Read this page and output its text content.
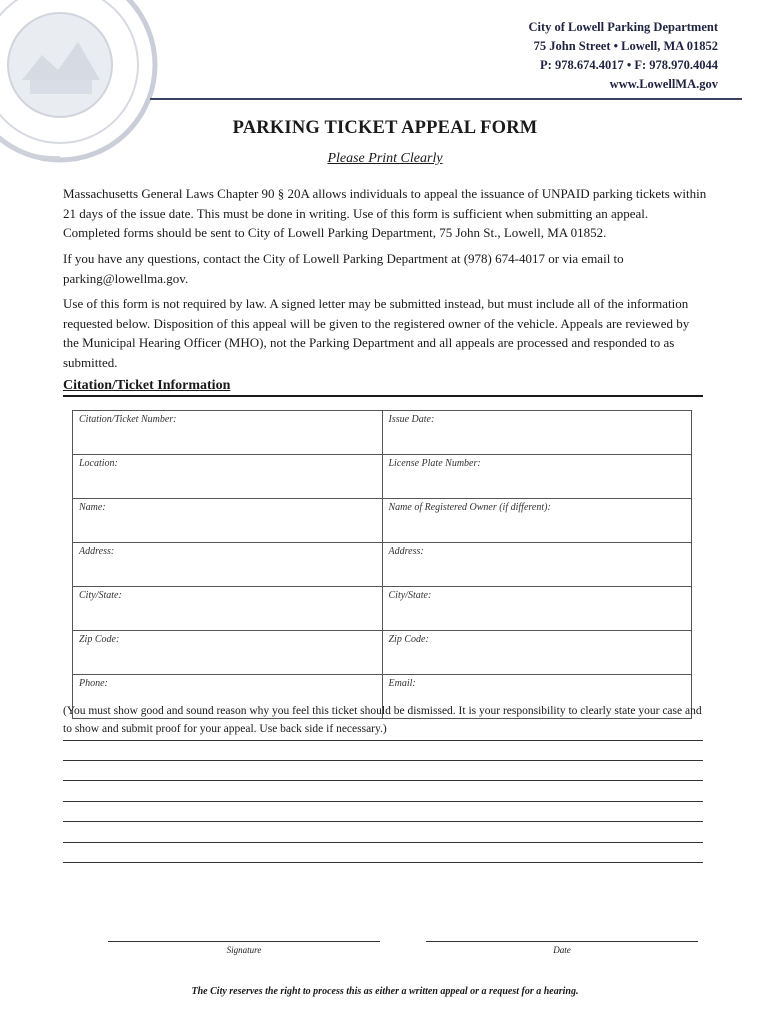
City of Lowell Parking Department
75 John Street • Lowell, MA 01852
P: 978.674.4017 • F: 978.970.4044
www.LowellMA.gov
PARKING TICKET APPEAL FORM
Please Print Clearly

Massachusetts General Laws Chapter 90 § 20A allows individuals to appeal the issuance of UNPAID parking tickets within 21 days of the issue date. This must be done in writing. Use of this form is sufficient when submitting an appeal. Completed forms should be sent to City of Lowell Parking Department, 75 John St., Lowell, MA 01852.

If you have any questions, contact the City of Lowell Parking Department at (978) 674-4017 or via email to parking@lowellma.gov.

Use of this form is not required by law. A signed letter may be submitted instead, but must include all of the information requested below. Disposition of this appeal will be given to the registered owner of the vehicle. Appeals are reviewed by the Municipal Hearing Officer (MHO), not the Parking Department and all appeals are processed and responded to as submitted.

Citation/Ticket Information
Citation/Ticket Number:	Issue Date:
Location:	License Plate Number:
Name:	Name of Registered Owner (if different):
Address:	Address:
City/State:	City/State:
Zip Code:	Zip Code:
Phone:	Email:

(You must show good and sound reason why you feel this ticket should be dismissed. It is your responsibility to clearly state your case and to show and submit proof for your appeal. Use back side if necessary.)

Signature	Date
The City reserves the right to process this as either a written appeal or a request for a hearing.
